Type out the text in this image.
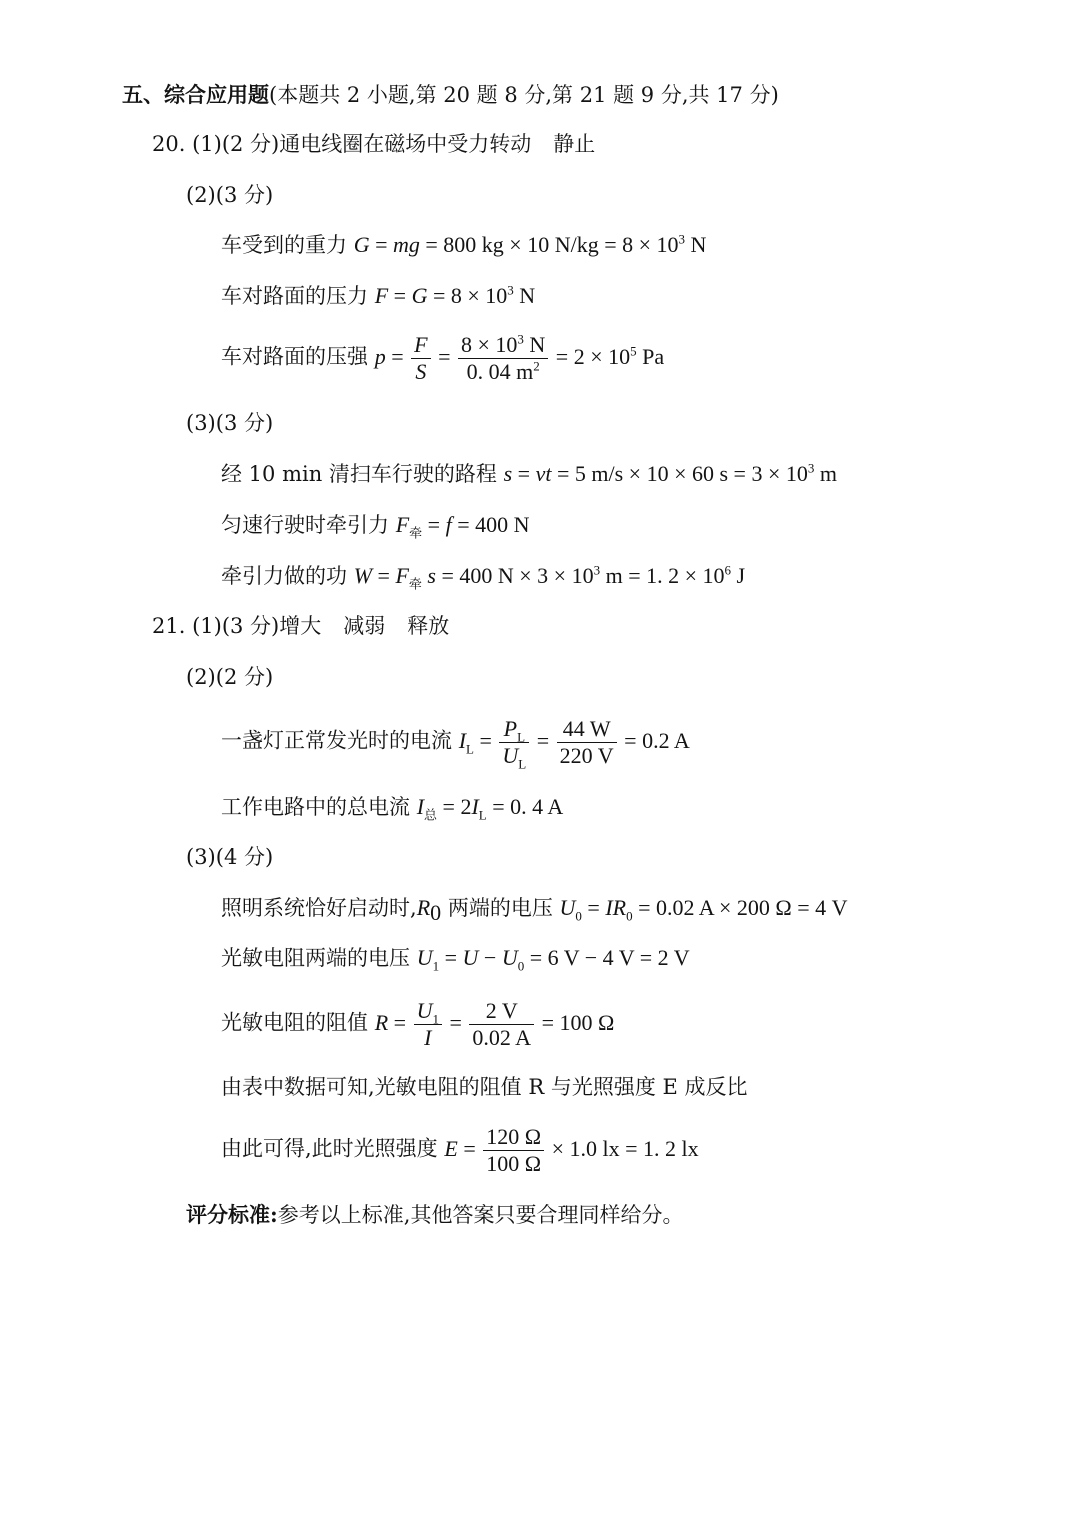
五、综合应用题(本题共 2 小题,第 20 题 8 分,第 21 题 9 分,共 17 分)
20. (1)(2 分)通电线圈在磁场中受力转动 静止
(2)(3 分)
车受到的重力 G = mg = 800 kg × 10 $N/kg = 8 \times 10^3$ N
车对路面的压力 $F = G = 8 \times 10^3$ N
车对路面的压强 $p = \frac{F}{S} = \frac{8 \times 10^3 N}{0. 04 m^2} = 2 \times 10^5$ Pa
(3)(3 分)
经 10 min 清扫车行驶的路程 s = vt = 5 m/s × 10 × 60 $s = 3 \times 10^3$ m
匀速行驶时牵引力 $F_牵 = f = 400$ N
牵引力做的功 $W = F_牵$ s = 400 $N \times 3 \times 10^3$ m = 1. $2 \times 10^6$ J
21. (1)(3 分)增大 减弱 释放
(2)(2 分)
一盏灯正常发光时的电流 $I_L = \frac{P_L}{U_L} = \frac{44 W}{220 V} = 0.2$ A
工作电路中的总电流 $I_总 = 2I_L = 0$. 4 A
(3)(4 分)
照明系统恰好启动时$,R_0$ 两端的电压 $U_0 = IR_0 = 0.02$ A × 200 Ω = 4 V
光敏电阻两端的电压 $U_1 = U - U_0 = 6$ V − 4 V = 2 V
光敏电阻的阻值 $R = \frac{U_1}{I} = \frac{2 V}{0.02 A} = 100$ Ω
由表中数据可知,光敏电阻的阻值 R 与光照强度 E 成反比
由此可得,此时光照强度 $E = \frac{120 \Omega}{100 \Omega} \times 1.0$ lx = 1. 2 lx
评分标准:参考以上标准,其他答案只要合理同样给分。
